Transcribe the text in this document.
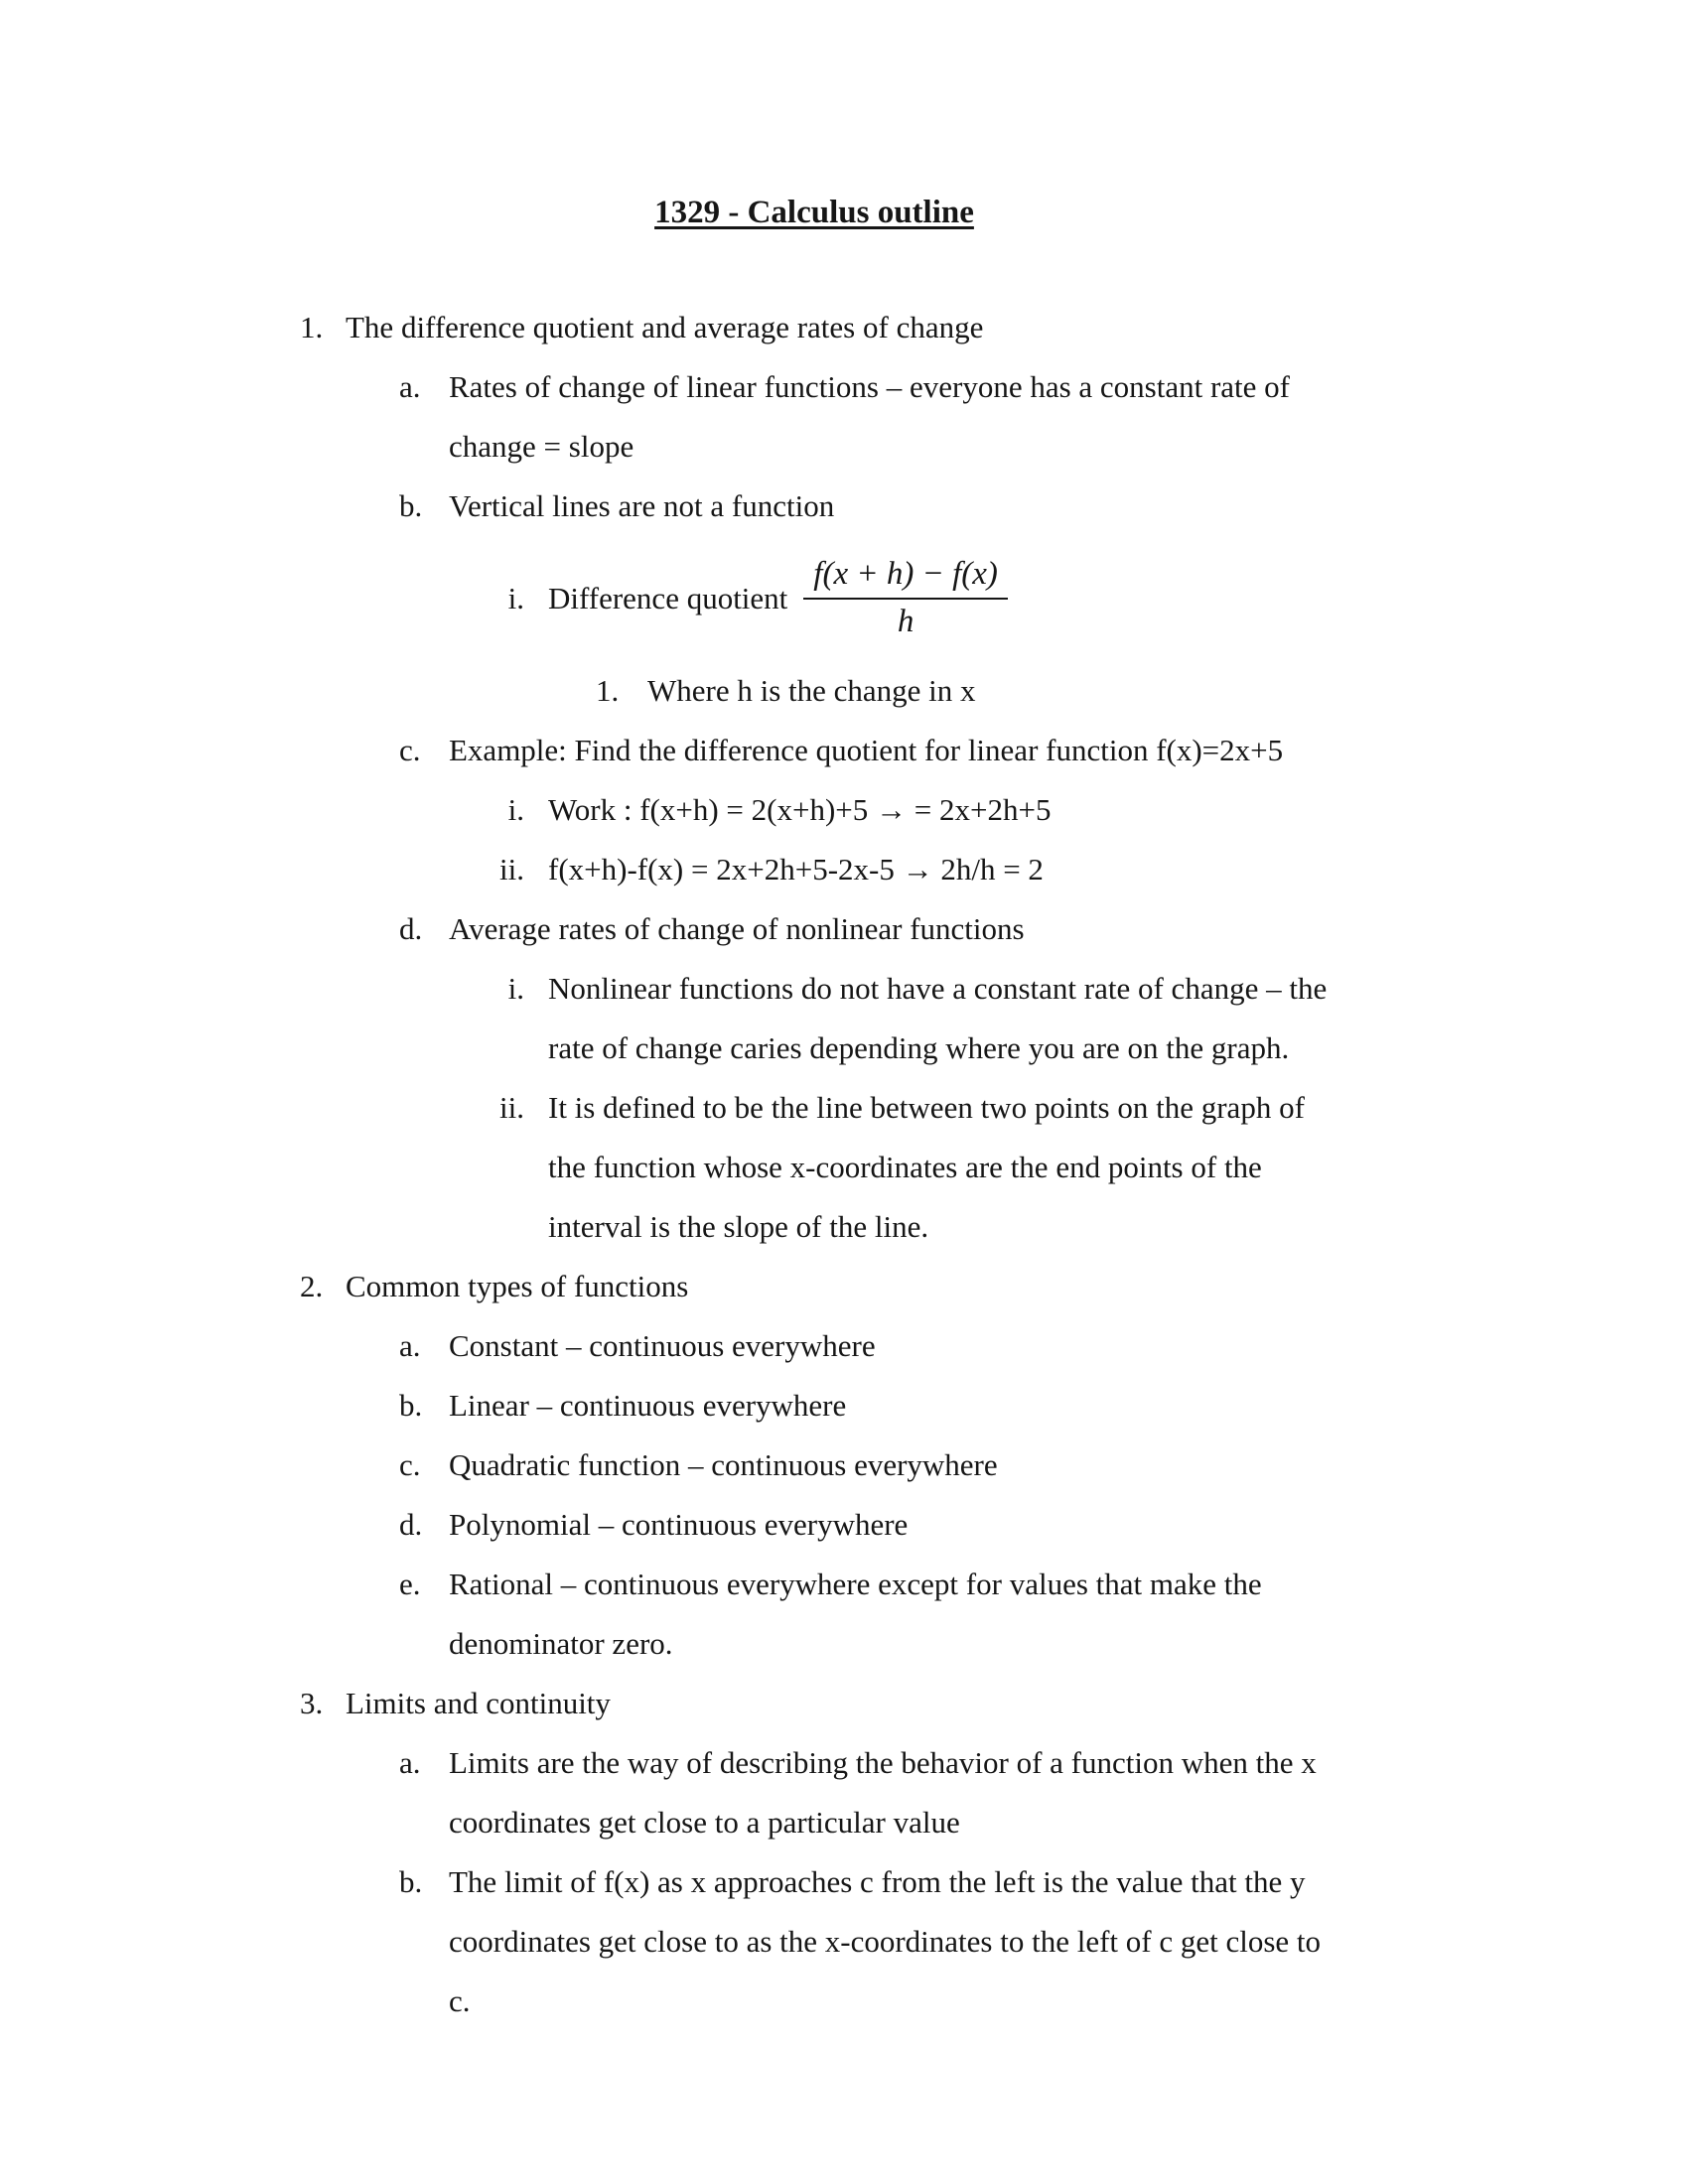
1329 - Calculus outline
1. The difference quotient and average rates of change
a. Rates of change of linear functions – everyone has a constant rate of
change = slope
b. Vertical lines are not a function
i. Difference quotient $\frac{f(x + h) - f(x)}{h}$
1. Where h is the change in x
c. Example: Find the difference quotient for linear function f(x)=2x+5
i. Work : f(x+h) = 2(x+h)+5 → = 2x+2h+5
ii. f(x+h)-f(x) = 2x+2h+5-2x-5 → 2h/h = 2
d. Average rates of change of nonlinear functions
i. Nonlinear functions do not have a constant rate of change – the
rate of change caries depending where you are on the graph.
ii. It is defined to be the line between two points on the graph of
the function whose x-coordinates are the end points of the
interval is the slope of the line.
2. Common types of functions
a. Constant – continuous everywhere
b. Linear – continuous everywhere
c. Quadratic function – continuous everywhere
d. Polynomial – continuous everywhere
e. Rational – continuous everywhere except for values that make the
denominator zero.
3. Limits and continuity
a. Limits are the way of describing the behavior of a function when the x
coordinates get close to a particular value
b. The limit of f(x) as x approaches c from the left is the value that the y
coordinates get close to as the x-coordinates to the left of c get close to
c.
